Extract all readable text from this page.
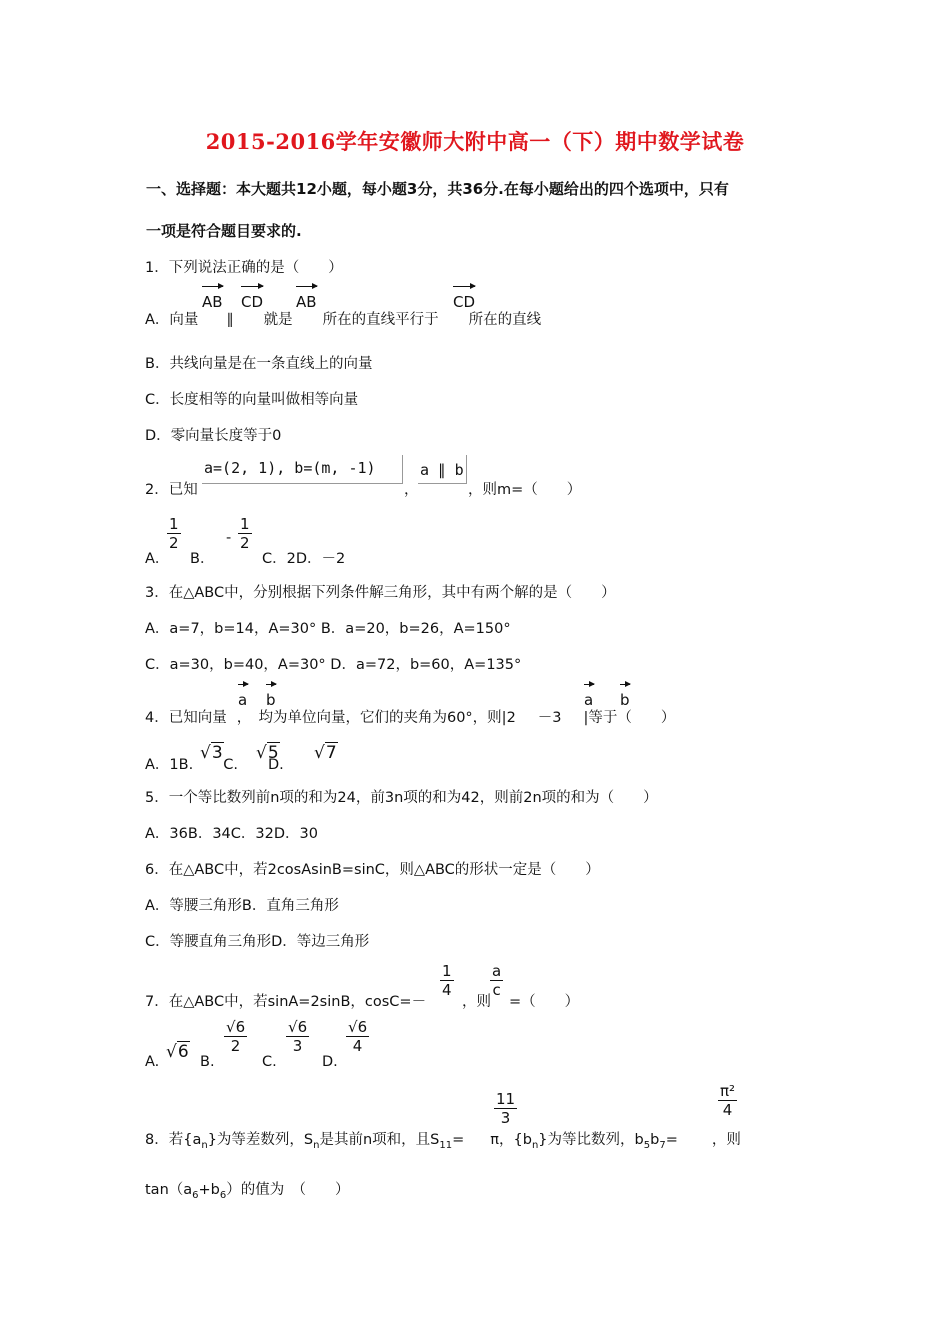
2015-2016学年安徽师大附中高一（下）期中数学试卷
一、选择题：本大题共12小题，每小题3分，共36分.在每小题给出的四个选项中，只有
一项是符合题目要求的.
1．下列说法正确的是（　　）
A．向量 ∥ 就是 所在的直线平行于 所在的直线
AB CD AB	CD
B．共线向量是在一条直线上的向量
C．长度相等的向量叫做相等向量
D．零向量长度等于0
2．已知
a=(2, 1), b=(m, -1)
，
a ∥ b
，则m=（　　）
A．
$\frac{1}{2}$
B．
- $\frac{1}{2}$
C．2D．－2
3．在△ABC中，分别根据下列条件解三角形，其中有两个解的是（　　）
A．a=7，b=14，A=30° B．a=20，b=26，A=150°
C．a=30，b=40，A=30° D．a=72，b=60，A=135°
4．已知向量 ，　均为单位向量，它们的夹角为60°，则|2 －3 |等于（　　）
a b	a b
A．1B. C. D.
√3 √5 √7
5．一个等比数列前n项的和为24，前3n项的和为42，则前2n项的和为（　　）
A．36B．34C．32D．30
6．在△ABC中，若2cosAsinB=sinC，则△ABC的形状一定是（　　）
A．等腰三角形B．直角三角形
C．等腰直角三角形D．等边三角形
7．在△ABC中，若sinA=2sinB，cosC=－
$\frac{1}{4}$
，则
$\frac{a}{c}$
=（　　）
A. √6 B.
$\frac{√6}{2}$
C.
$\frac{√6}{3}$
D.
$\frac{√6}{4}$
8．若$\{a_n\}$为等差数列，$S_n$是其前n项和，且$S_{11}= \pi$，$\{b_n\}$为等比数列，$b_5b_7=$ ，则
$\frac{11}{3}$	$\frac{\text{π²}}{4}$
$\tan(a_6+b_6)$的值为　（　　）
